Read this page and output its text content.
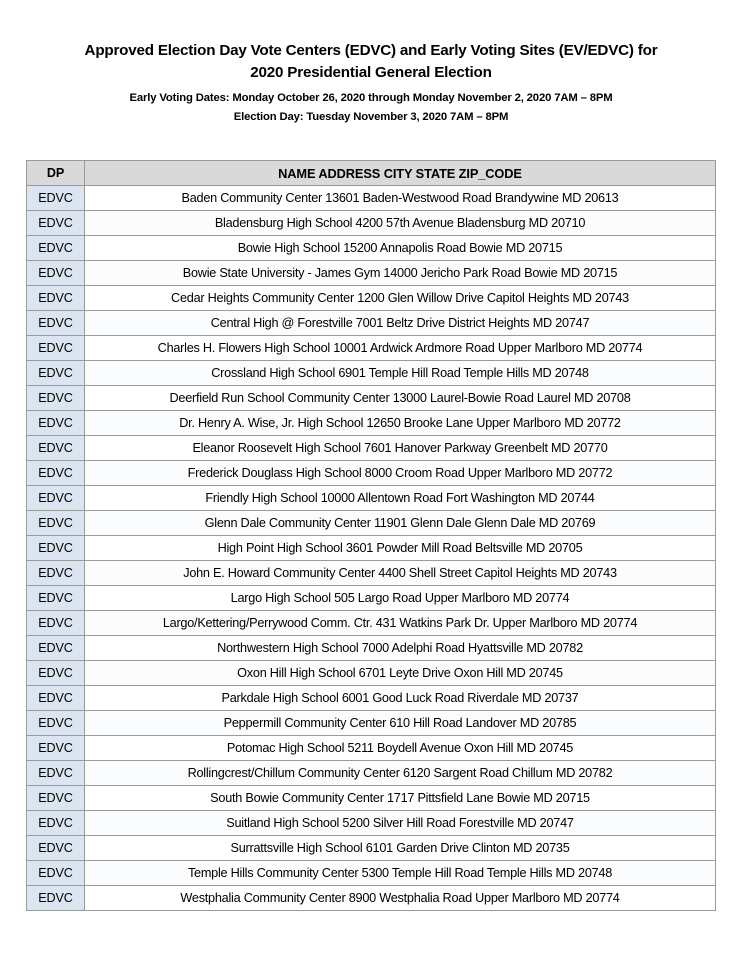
Approved Election Day Vote Centers (EDVC) and Early Voting Sites (EV/EDVC) for
2020 Presidential General Election
Early Voting Dates: Monday October 26, 2020 through Monday November 2, 2020 7AM – 8PM
Election Day: Tuesday November 3, 2020 7AM – 8PM
DP	NAME ADDRESS CITY STATE ZIP_CODE
EDVC	Baden Community Center 13601 Baden-Westwood Road Brandywine MD 20613
EDVC	Bladensburg High School 4200 57th Avenue Bladensburg MD 20710
EDVC	Bowie High School 15200 Annapolis Road Bowie MD 20715
EDVC	Bowie State University - James Gym 14000 Jericho Park Road Bowie MD 20715
EDVC	Cedar Heights Community Center 1200 Glen Willow Drive Capitol Heights MD 20743
EDVC	Central High @ Forestville 7001 Beltz Drive District Heights MD 20747
EDVC	Charles H. Flowers High School 10001 Ardwick Ardmore Road Upper Marlboro MD 20774
EDVC	Crossland High School 6901 Temple Hill Road Temple Hills MD 20748
EDVC	Deerfield Run School Community Center 13000 Laurel-Bowie Road Laurel MD 20708
EDVC	Dr. Henry A. Wise, Jr. High School 12650 Brooke Lane Upper Marlboro MD 20772
EDVC	Eleanor Roosevelt High School 7601 Hanover Parkway Greenbelt MD 20770
EDVC	Frederick Douglass High School 8000 Croom Road Upper Marlboro MD 20772
EDVC	Friendly High School 10000 Allentown Road Fort Washington MD 20744
EDVC	Glenn Dale Community Center 11901 Glenn Dale Glenn Dale MD 20769
EDVC	High Point High School 3601 Powder Mill Road Beltsville MD 20705
EDVC	John E. Howard Community Center 4400 Shell Street Capitol Heights MD 20743
EDVC	Largo High School 505 Largo Road Upper Marlboro MD 20774
EDVC	Largo/Kettering/Perrywood Comm. Ctr. 431 Watkins Park Dr. Upper Marlboro MD 20774
EDVC	Northwestern High School 7000 Adelphi Road Hyattsville MD 20782
EDVC	Oxon Hill High School 6701 Leyte Drive Oxon Hill MD 20745
EDVC	Parkdale High School 6001 Good Luck Road Riverdale MD 20737
EDVC	Peppermill Community Center 610 Hill Road Landover MD 20785
EDVC	Potomac High School 5211 Boydell Avenue Oxon Hill MD 20745
EDVC	Rollingcrest/Chillum Community Center 6120 Sargent Road Chillum MD 20782
EDVC	South Bowie Community Center 1717 Pittsfield Lane Bowie MD 20715
EDVC	Suitland High School 5200 Silver Hill Road Forestville MD 20747
EDVC	Surrattsville High School 6101 Garden Drive Clinton MD 20735
EDVC	Temple Hills Community Center 5300 Temple Hill Road Temple Hills MD 20748
EDVC	Westphalia Community Center 8900 Westphalia Road Upper Marlboro MD 20774
